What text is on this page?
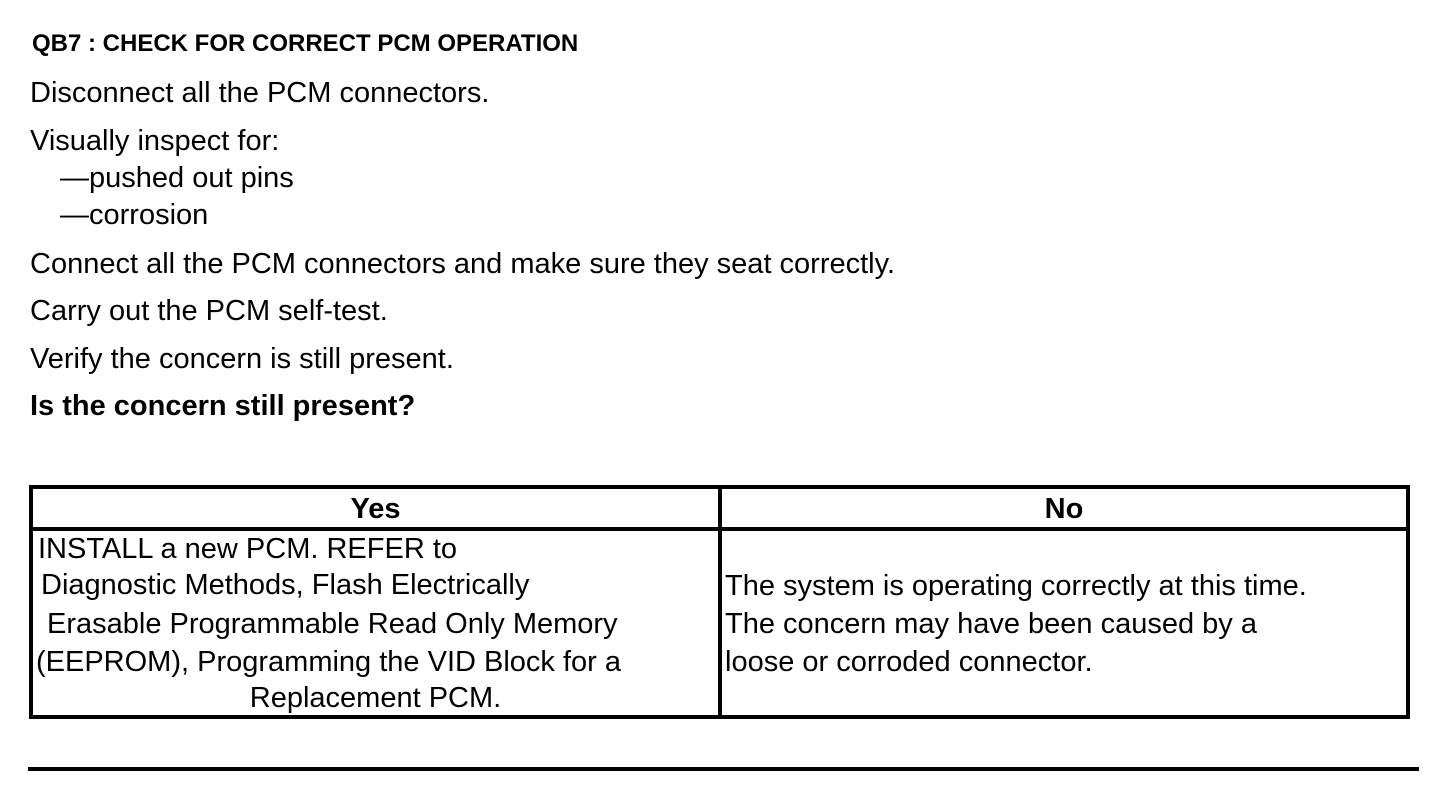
QB7 : CHECK FOR CORRECT PCM OPERATION
Disconnect all the PCM connectors.
Visually inspect for:
—pushed out pins
—corrosion
Connect all the PCM connectors and make sure they seat correctly.
Carry out the PCM self-test.
Verify the concern is still present.
Is the concern still present?
Yes	No
INSTALL a new PCM. REFER to
Diagnostic Methods, Flash Electrically
Erasable Programmable Read Only Memory
(EEPROM), Programming the VID Block for a
Replacement PCM.
The system is operating correctly at this time.
The concern may have been caused by a
loose or corroded connector.
